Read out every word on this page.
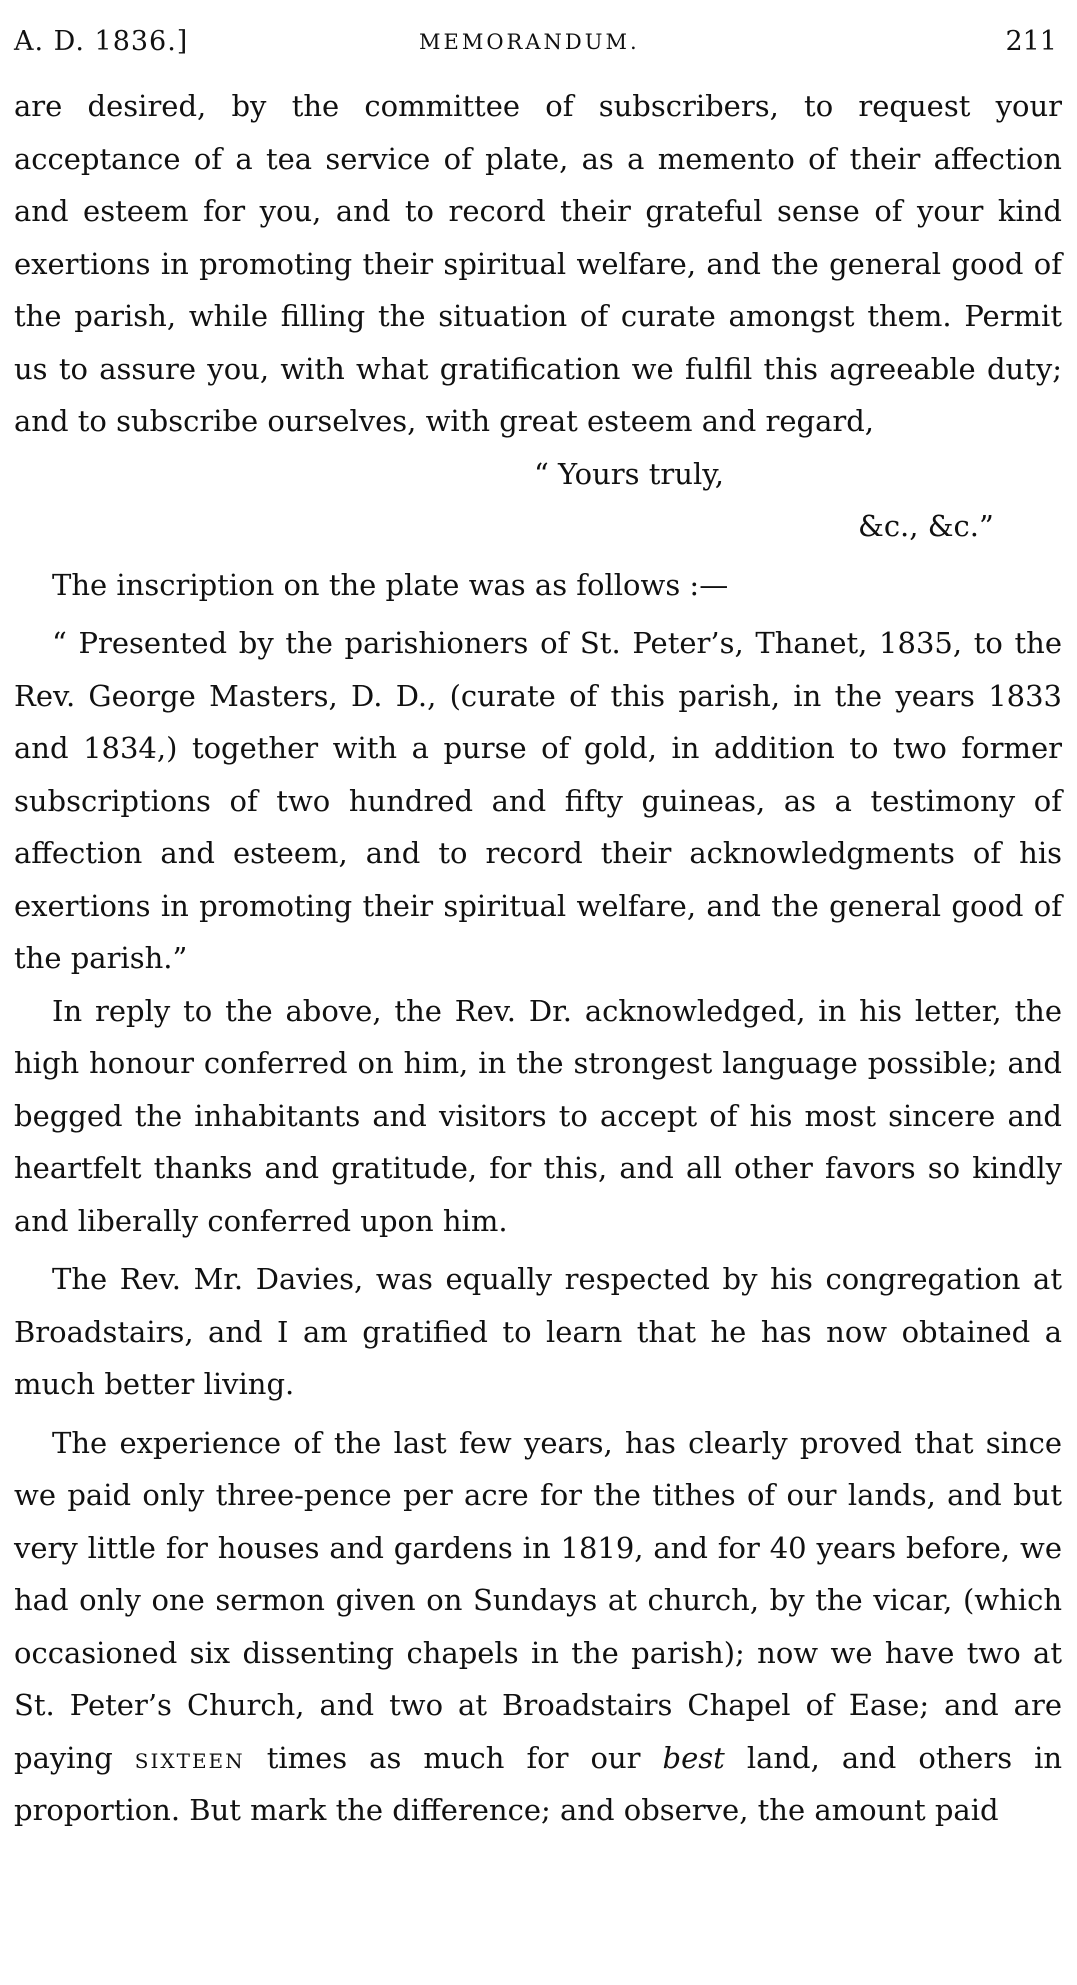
A. D. 1836.]	MEMORANDUM.	211

are desired, by the committee of subscribers, to request your acceptance of a tea service of plate, as a memento of their affection and esteem for you, and to record their grateful sense of your kind exertions in promoting their spiritual welfare, and the general good of the parish, while filling the situation of curate amongst them. Permit us to assure you, with what gratification we fulfil this agreeable duty; and to subscribe ourselves, with great esteem and regard,

“ Yours truly,

&c., &c.”

The inscription on the plate was as follows :—

“ Presented by the parishioners of St. Peter’s, Thanet, 1835, to the Rev. George Masters, D. D., (curate of this parish, in the years 1833 and 1834,) together with a purse of gold, in addition to two former subscriptions of two hundred and fifty guineas, as a testimony of affection and esteem, and to record their acknowledgments of his exertions in promoting their spiritual welfare, and the general good of the parish.”

In reply to the above, the Rev. Dr. acknowledged, in his letter, the high honour conferred on him, in the strongest language possible; and begged the inhabitants and visitors to accept of his most sincere and heartfelt thanks and gratitude, for this, and all other favors so kindly and liberally conferred upon him.

The Rev. Mr. Davies, was equally respected by his congregation at Broadstairs, and I am gratified to learn that he has now obtained a much better living.

The experience of the last few years, has clearly proved that since we paid only three-pence per acre for the tithes of our lands, and but very little for houses and gardens in 1819, and for 40 years before, we had only one sermon given on Sundays at church, by the vicar, (which occasioned six dissenting chapels in the parish); now we have two at St. Peter’s Church, and two at Broadstairs Chapel of Ease; and are paying sixteen times as much for our best land, and others in proportion. But mark the difference; and observe, the amount paid
